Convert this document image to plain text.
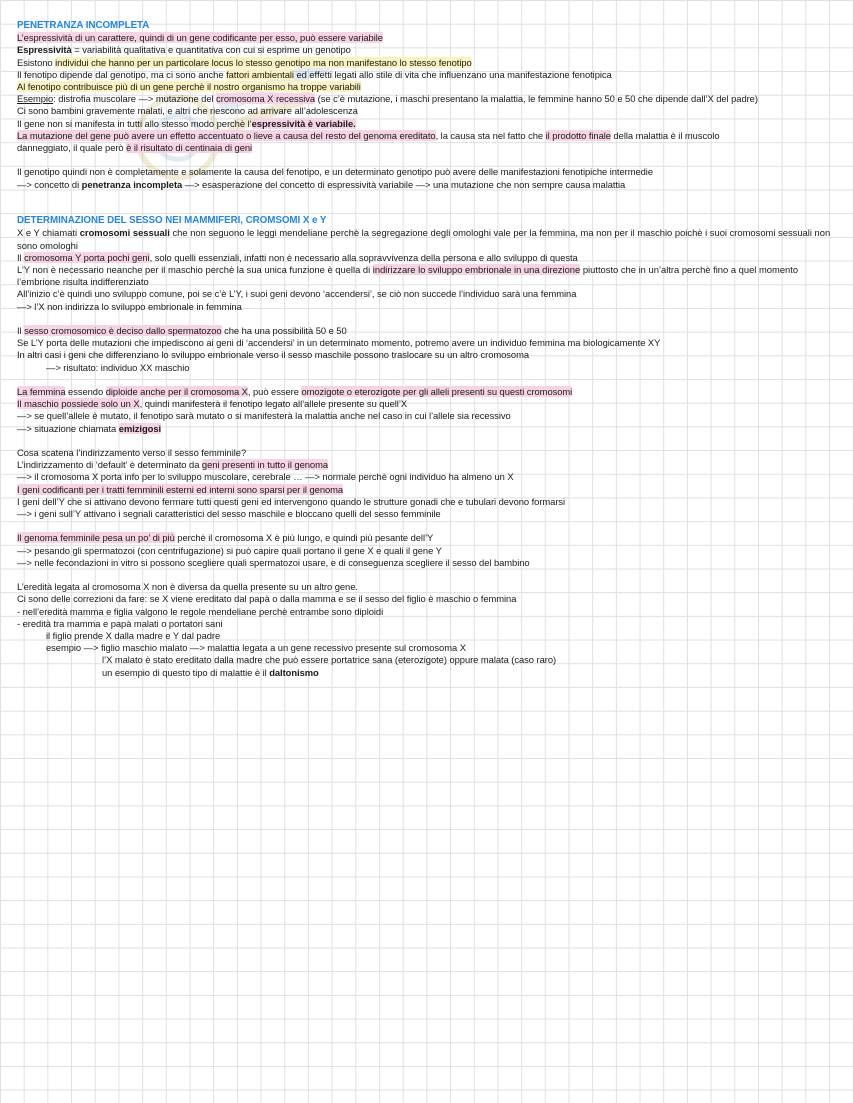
PENETRANZA INCOMPLETA
L’espressività di un carattere, quindi di un gene codificante per esso, può essere variabile
Espressività = variabilità qualitativa e quantitativa con cui si esprime un genotipo
Esistono individui che hanno per un particolare locus lo stesso genotipo ma non manifestano lo stesso fenotipo
Il fenotipo dipende dal genotipo, ma ci sono anche fattori ambientali ed effetti legati allo stile di vita che influenzano una manifestazione fenotipica
Al fenotipo contribuisce più di un gene perchè il nostro organismo ha troppe variabili
Esempio: distrofia muscolare —> mutazione del cromosoma X recessiva (se c’è mutazione, i maschi presentano la malattia, le femmine hanno 50 e 50 che dipende dall’X del padre)
Ci sono bambini gravemente malati, e altri che riescono ad arrivare all’adolescenza
Il gene non si manifesta in tutti allo stesso modo perchè l’espressività è variabile.
La mutazione del gene può avere un effetto accentuato o lieve a causa del resto del genoma ereditato, la causa sta nel fatto che il prodotto finale della malattia è il muscolo
danneggiato, il quale però è il risultato di centinaia di geni
Il genotipo quindi non è completamente e solamente la causa del fenotipo, e un determinato genotipo può avere delle manifestazioni fenotipiche intermedie
—> concetto di penetranza incompleta —> esasperazione del concetto di espressività variabile —> una mutazione che non sempre causa malattia
DETERMINAZIONE DEL SESSO NEI MAMMIFERI, CROMSOMI X e Y
X e Y chiamati cromosomi sessuali che non seguono le leggi mendeliane perchè la segregazione degli omologhi vale per la femmina, ma non per il maschio poichè i suoi cromosomi sessuali non sono omologhi
Il cromosoma Y porta pochi geni, solo quelli essenziali, infatti non è necessario alla sopravvivenza della persona e allo sviluppo di questa
L’Y non è necessario neanche per il maschio perchè la sua unica funzione è quella di indirizzare lo sviluppo embrionale in una direzione piuttosto che in un’altra perchè fino a quel momento l’embrione risulta indifferenziato
All’inizio c’è quindi uno sviluppo comune, poi se c’è L’Y, i suoi geni devono ‘accendersi’, se ciò non succede l’individuo sarà una femmina
—> l’X non indirizza lo sviluppo embrionale in femmina
Il sesso cromosomico è deciso dallo spermatozoo che ha una possibilità 50 e 50
Se L’Y porta delle mutazioni che impediscono ai geni di ‘accendersi’ in un determinato momento, potremo avere un individuo femmina ma biologicamente XY
In altri casi i geni che differenziano lo sviluppo embrionale verso il sesso maschile possono traslocare su un altro cromosoma
—> risultato: individuo XX maschio
La femmina essendo diploide anche per il cromosoma X, può essere omozigote o eterozigote per gli alleli presenti su questi cromosomi
Il maschio possiede solo un X, quindi manifesterà il fenotipo legato all’allele presente su quell’X
—> se quell’allele è mutato, il fenotipo sarà mutato o si manifesterà la malattia anche nel caso in cui l’allele sia recessivo
—> situazione chiamata emizigosi
Cosa scatena l’indirizzamento verso il sesso femminile?
L’indirizzamento di ‘default’ è determinato da geni presenti in tutto il genoma
—> il cromosoma X porta info per lo sviluppo muscolare, cerebrale … —> normale perchè ogni individuo ha almeno un X
I geni codificanti per i tratti femminili esterni ed interni sono sparsi per il genoma
I geni dell’Y che si attivano devono fermare tutti questi geni ed intervengono quando le strutture gonadi che e tubulari devono formarsi
—> i geni sull’Y attivano i segnali caratteristici del sesso maschile e bloccano quelli del sesso femminile
Il genoma femminile pesa un po’ di più perchè il cromosoma X è più lungo, e quindi più pesante dell’Y
—> pesando gli spermatozoi (con centrifugazione) si può capire quali portano il gene X e quali il gene Y
—> nelle fecondazioni in vitro si possono scegliere quali spermatozoi usare, e di conseguenza scegliere il sesso del bambino
L’eredità legata al cromosoma X non è diversa da quella presente su un altro gene.
Ci sono delle correzioni da fare: se X viene ereditato dal papà o dalla mamma e se il sesso del figlio è maschio o femmina
- nell’eredità mamma e figlia valgono le regole mendeliane perchè entrambe sono diploidi
- eredità tra mamma e papà malati o portatori sani
il figlio prende X dalla madre e Y dal padre
esempio —> figlio maschio malato —> malattia legata a un gene recessivo presente sul cromosoma X
l’X malato è stato ereditato dalla madre che può essere portatrice sana (eterozigote) oppure malata (caso raro)
un esempio di questo tipo di malattie è il daltonismo
